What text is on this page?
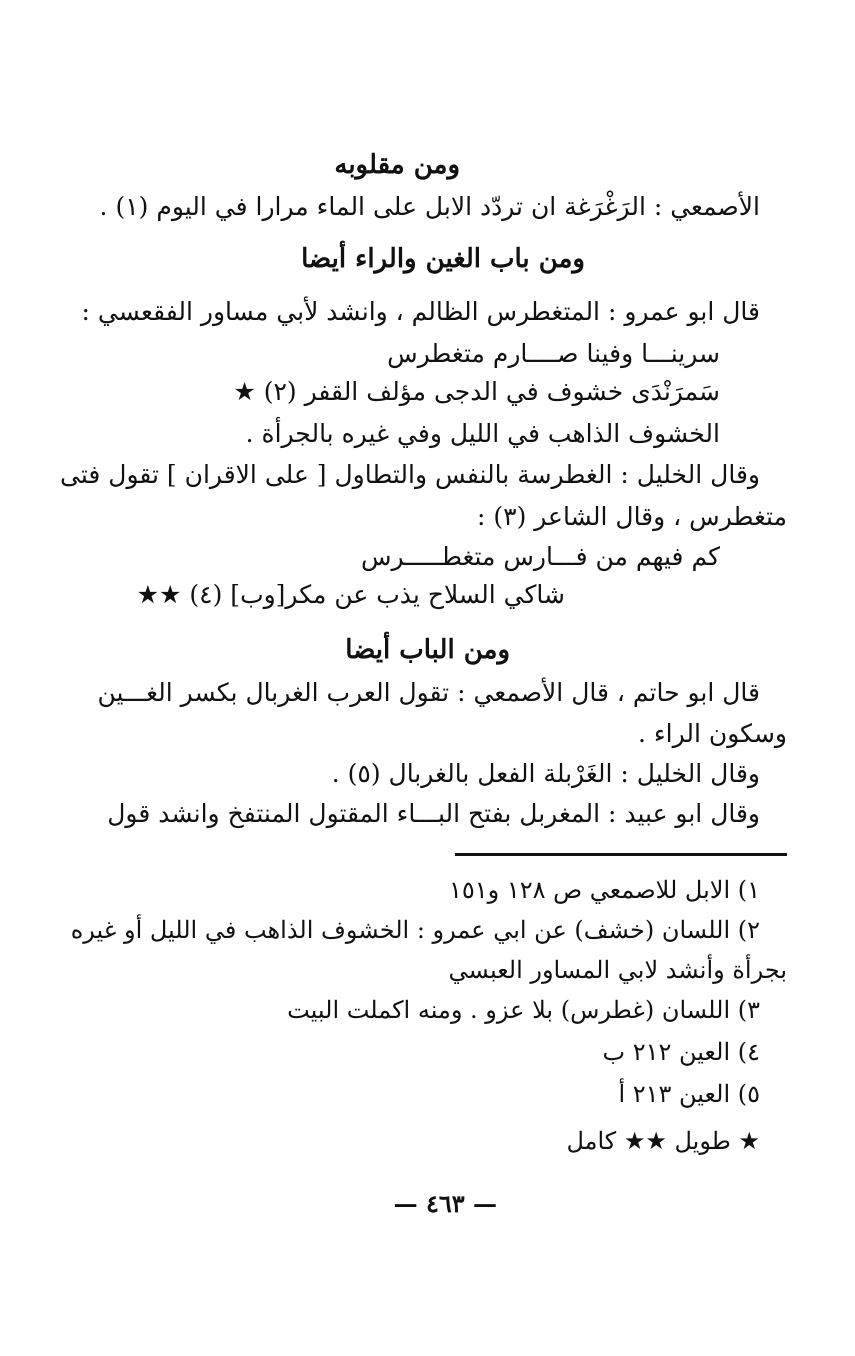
ومن مقلوبه
الأصمعي : الرَغْرَغة ان تردّد الابل على الماء مرارا في اليوم (١) .
ومن باب الغين والراء أيضا
قال ابو عمرو : المتغطرس الظالم ، وانشد لأبي مساور الفقعسي :
سرينـــا وفينا صــــارم متغطرس
سَمرَنْدَى خشوف في الدجى مؤلف القفر (٢) ★
الخشوف الذاهب في الليل وفي غيره بالجرأة .
وقال الخليل : الغطرسة بالنفس والتطاول [ على الاقران ] تقول فتى
متغطرس ، وقال الشاعر (٣) :
كم فيهم من فـــارس متغطـــــرس
شاكي السلاح يذب عن مكر[وب] (٤) ★★
ومن الباب أيضا
قال ابو حاتم ، قال الأصمعي : تقول العرب الغربال بكسر الغـــين
وسكون الراء .
وقال الخليل : الغَرْبلة الفعل بالغربال (٥) .
وقال ابو عبيد : المغربل بفتح البـــاء المقتول المنتفخ وانشد قول
١) الابل للاصمعي ص ١٢٨ و١٥١
٢) اللسان (خشف) عن ابي عمرو : الخشوف الذاهب في الليل أو غيره
بجرأة وأنشد لابي المساور العبسي
٣) اللسان (غطرس) بلا عزو . ومنه اكملت البيت
٤) العين ٢١٢ ب
٥) العين ٢١٣ أ
★ طويل ★★ كامل
— ٤٦٣ —
